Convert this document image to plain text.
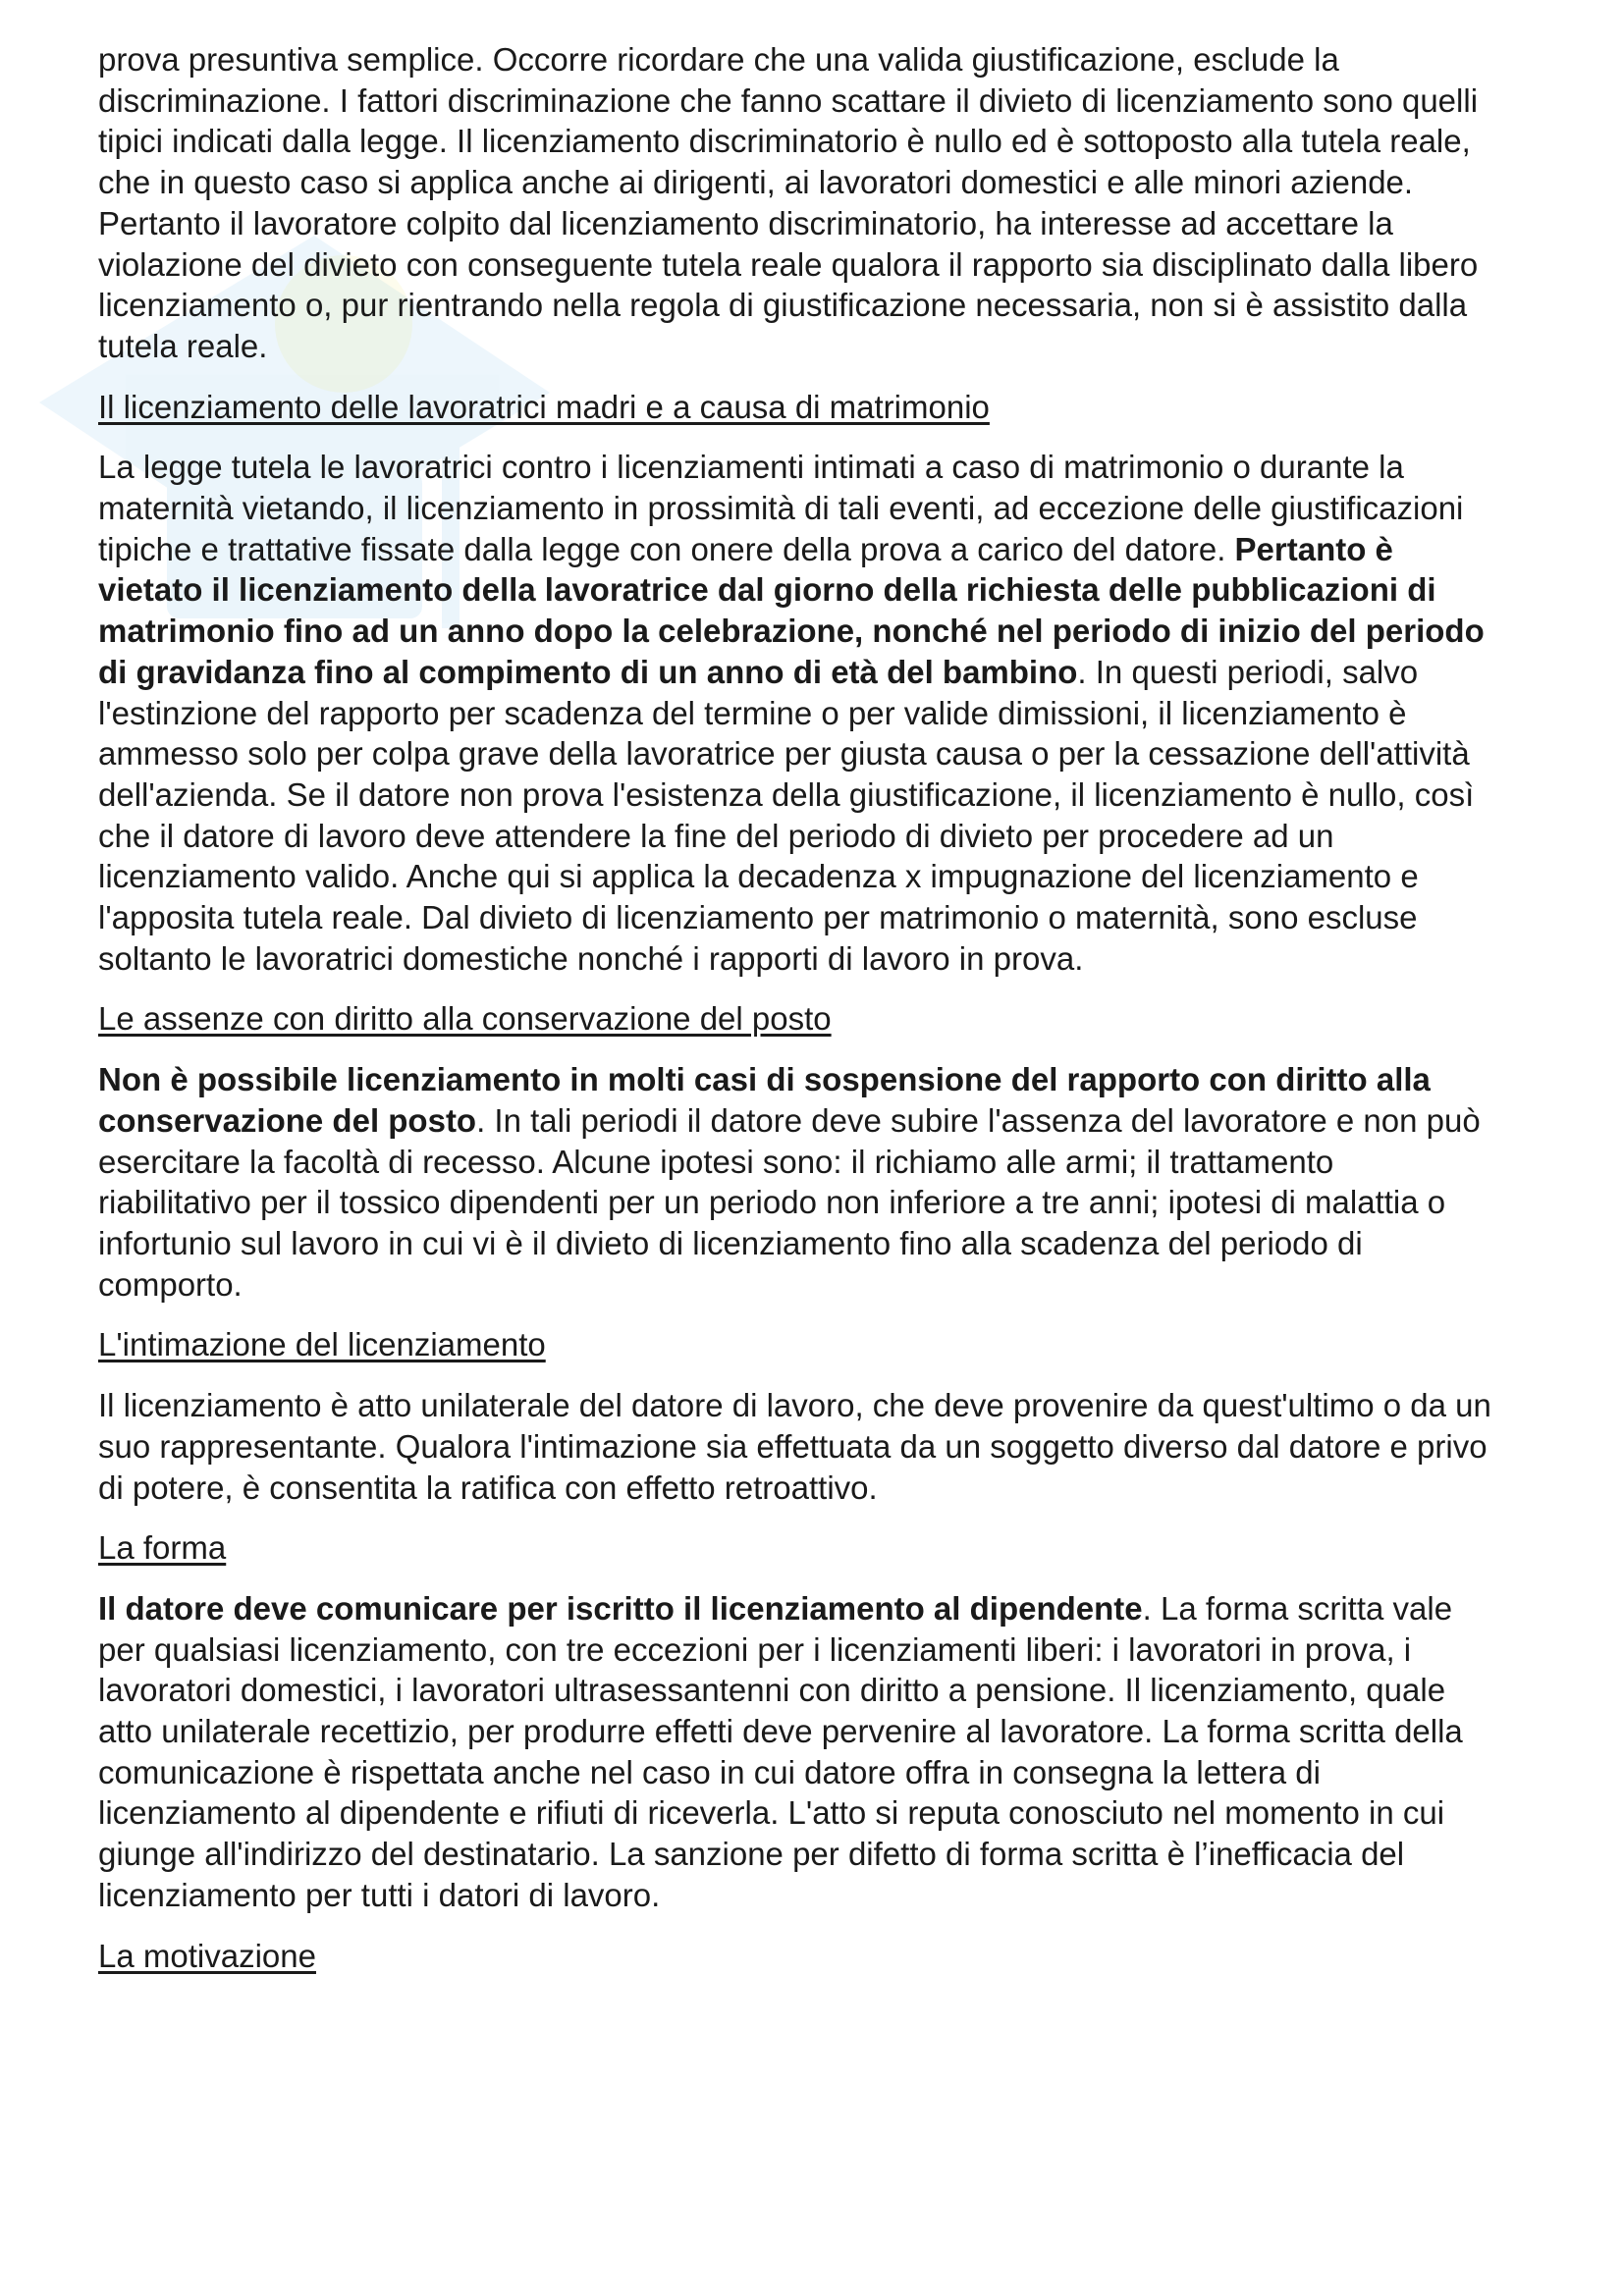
prova presuntiva semplice. Occorre ricordare che una valida giustificazione, esclude la discriminazione. I fattori discriminazione che fanno scattare il divieto di licenziamento sono quelli tipici indicati dalla legge. Il licenziamento discriminatorio è nullo ed è sottoposto alla tutela reale, che in questo caso si applica anche ai dirigenti, ai lavoratori domestici e alle minori aziende. Pertanto il lavoratore colpito dal licenziamento discriminatorio, ha interesse ad accettare la violazione del divieto con conseguente tutela reale qualora il rapporto sia disciplinato dalla libero licenziamento o, pur rientrando nella regola di giustificazione necessaria, non si è assistito dalla tutela reale.

Il licenziamento delle lavoratrici madri e a causa di matrimonio

La legge tutela le lavoratrici contro i licenziamenti intimati a caso di matrimonio o durante la maternità vietando, il licenziamento in prossimità di tali eventi, ad eccezione delle giustificazioni tipiche e trattative fissate dalla legge con onere della prova a carico del datore. Pertanto è vietato il licenziamento della lavoratrice dal giorno della richiesta delle pubblicazioni di matrimonio fino ad un anno dopo la celebrazione, nonché nel periodo di inizio del periodo di gravidanza fino al compimento di un anno di età del bambino. In questi periodi, salvo l'estinzione del rapporto per scadenza del termine o per valide dimissioni, il licenziamento è ammesso solo per colpa grave della lavoratrice per giusta causa o per la cessazione dell'attività dell'azienda. Se il datore non prova l'esistenza della giustificazione, il licenziamento è nullo, così che il datore di lavoro deve attendere la fine del periodo di divieto per procedere ad un licenziamento valido. Anche qui si applica la decadenza x impugnazione del licenziamento e l'apposita tutela reale. Dal divieto di licenziamento per matrimonio o maternità, sono escluse soltanto le lavoratrici domestiche nonché i rapporti di lavoro in prova.

Le assenze con diritto alla conservazione del posto

Non è possibile licenziamento in molti casi di sospensione del rapporto con diritto alla conservazione del posto. In tali periodi il datore deve subire l'assenza del lavoratore e non può esercitare la facoltà di recesso. Alcune ipotesi sono: il richiamo alle armi; il trattamento riabilitativo per il tossico dipendenti per un periodo non inferiore a tre anni; ipotesi di malattia o infortunio sul lavoro in cui vi è il divieto di licenziamento fino alla scadenza del periodo di comporto.

L'intimazione del licenziamento

Il licenziamento è atto unilaterale del datore di lavoro, che deve provenire da quest'ultimo o da un suo rappresentante. Qualora l'intimazione sia effettuata da un soggetto diverso dal datore e privo di potere, è consentita la ratifica con effetto retroattivo.

La forma

Il datore deve comunicare per iscritto il licenziamento al dipendente. La forma scritta vale per qualsiasi licenziamento, con tre eccezioni per i licenziamenti liberi: i lavoratori in prova, i lavoratori domestici, i lavoratori ultrasessantenni con diritto a pensione. Il licenziamento, quale atto unilaterale recettizio, per produrre effetti deve pervenire al lavoratore. La forma scritta della comunicazione è rispettata anche nel caso in cui datore offra in consegna la lettera di licenziamento al dipendente e rifiuti di riceverla. L'atto si reputa conosciuto nel momento in cui giunge all'indirizzo del destinatario. La sanzione per difetto di forma scritta è l’inefficacia del licenziamento per tutti i datori di lavoro.

La motivazione
